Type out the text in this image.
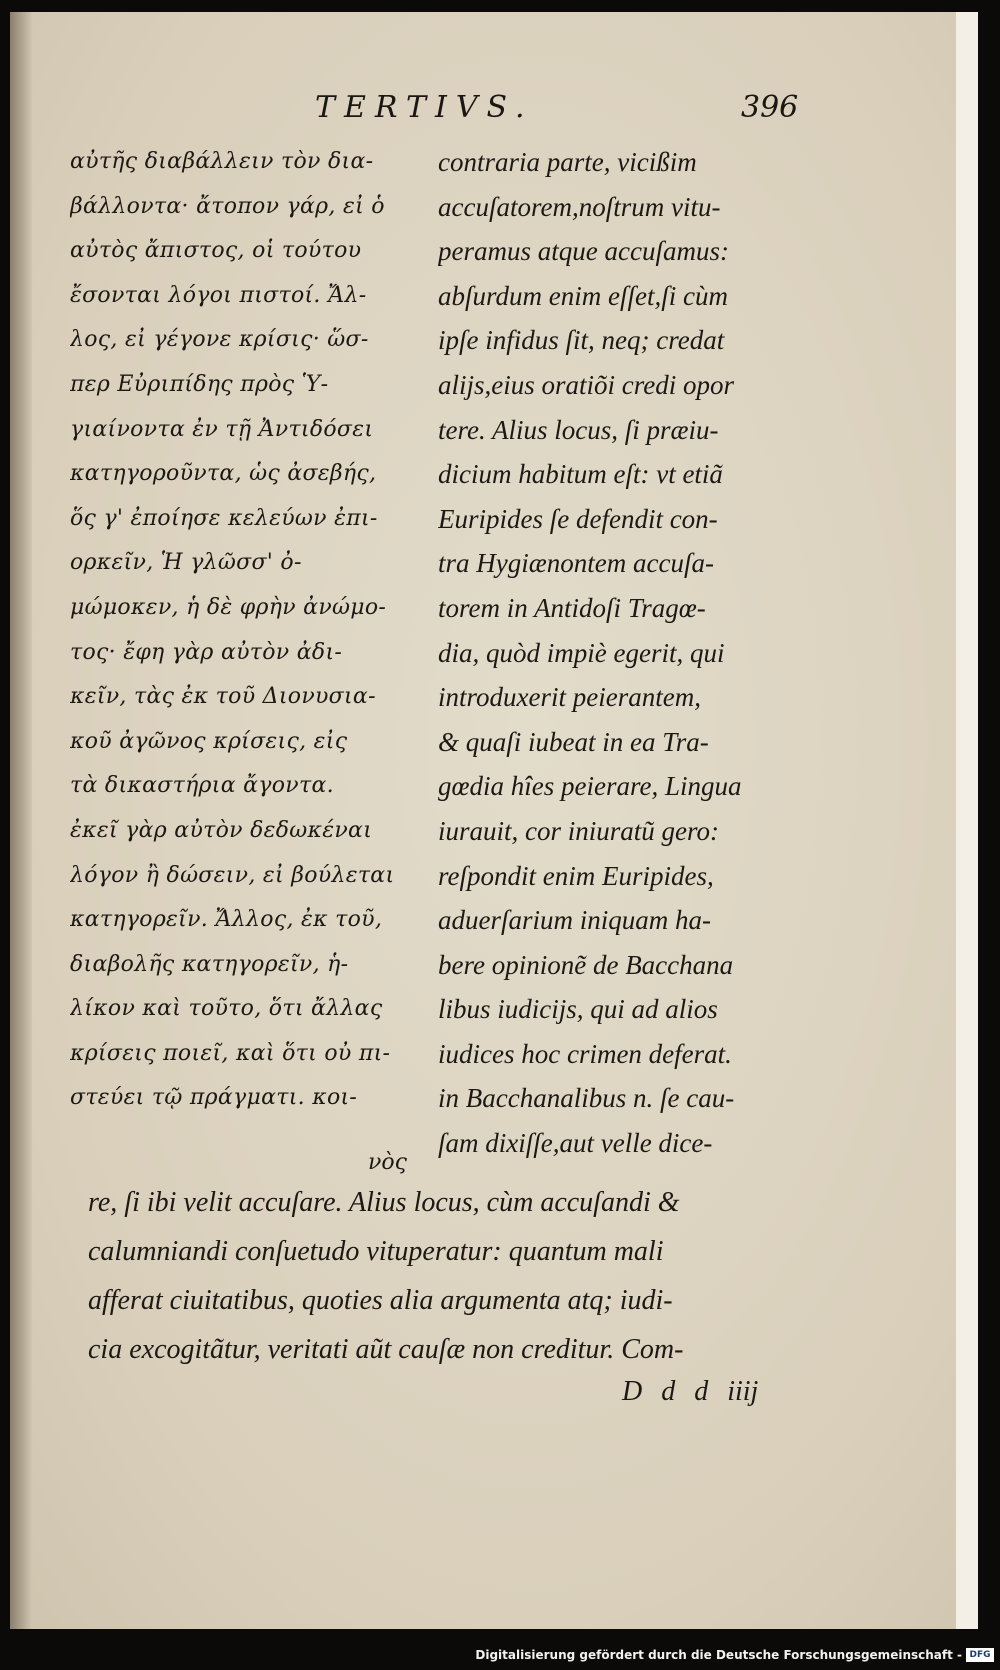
TERTIVS.	396
αὐτῆς διαβάλλειν τὸν δια-
βάλλοντα· ἄτοπον γάρ, εἰ ὁ
αὐτὸς ἄπιστος, οἱ τούτου
ἔσονται λόγοι πιστοί. Ἄλ-
λος, εἰ γέγονε κρίσις· ὥσ-
περ Εὐριπίδης πρὸς Ὑ-
γιαίνοντα ἐν τῇ Ἀντιδόσει
κατηγοροῦντα, ὡς ἀσεβής,
ὅς γ' ἐποίησε κελεύων ἐπι-
ορκεῖν, Ἡ γλῶσσ' ὀ-
μώμοκεν, ἡ δὲ φρὴν ἀνώμο-
τος· ἔφη γὰρ αὐτὸν ἀδι-
κεῖν, τὰς ἐκ τοῦ Διονυσια-
κοῦ ἀγῶνος κρίσεις, εἰς
τὰ δικαστήρια ἄγοντα.
ἐκεῖ γὰρ αὐτὸν δεδωκέναι
λόγον ἢ δώσειν, εἰ βούλεται
κατηγορεῖν. Ἄλλος, ἐκ τοῦ,
διαβολῆς κατηγορεῖν, ἡ-
λίκον καὶ τοῦτο, ὅτι ἄλλας
κρίσεις ποιεῖ, καὶ ὅτι οὐ πι-
στεύει τῷ πράγματι. κοι-
contraria parte, vicißim
accuſatorem,noſtrum vitu-
peramus atque accuſamus:
abſurdum enim eſſet,ſi cùm
ipſe infidus ſit, neq; credat
alijs,eius oratiõi credi opor
tere. Alius locus, ſi præiu-
dicium habitum eſt: vt etiã
Euripides ſe defendit con-
tra Hygiænontem accuſa-
torem in Antidoſi Tragœ-
dia, quòd impiè egerit, qui
introduxerit peierantem,
& quaſi iubeat in ea Tra-
gœdia hîes peierare, Lingua
iurauit, cor iniuratũ gero:
reſpondit enim Euripides,
aduerſarium iniquam ha-
bere opinionẽ de Bacchana
libus iudicijs, qui ad alios
iudices hoc crimen deferat.
in Bacchanalibus n. ſe cau-
ſam dixiſſe,aut velle dice-
νὸς
re, ſi ibi velit accuſare. Alius locus, cùm accuſandi &
calumniandi conſuetudo vituperatur: quantum mali
afferat ciuitatibus, quoties alia argumenta atq; iudi-
cia excogitãtur, veritati aũt cauſæ non creditur. Com-
D d d iiij
Digitalisierung gefördert durch die Deutsche Forschungsgemeinschaft - DFG
